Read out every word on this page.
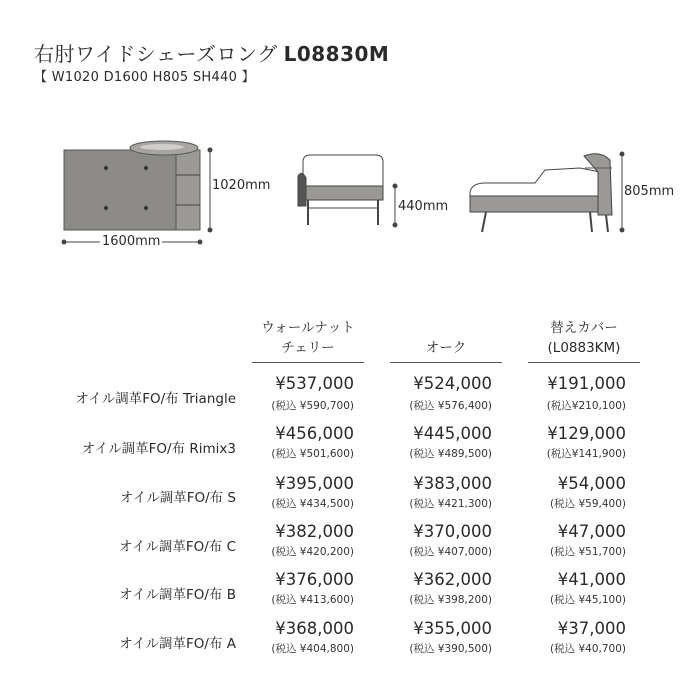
右肘ワイドシェーズロング L08830M
【 W1020 D1600 H805 SH440 】
1020mm
1600mm
440mm
805mm
ウォールナット
チェリー	オーク
替えカバー
(L0883KM)
オイル調革FO/布 Triangle
¥537,000
(税込 ¥590,700)
¥524,000
(税込 ¥576,400)
¥191,000
(税込¥210,100)
オイル調革FO/布 Rimix3
¥456,000
(税込 ¥501,600)
¥445,000
(税込 ¥489,500)
¥129,000
(税込¥141,900)
オイル調革FO/布 S
¥395,000
(税込 ¥434,500)
¥383,000
(税込 ¥421,300)
¥54,000
(税込 ¥59,400)
オイル調革FO/布 C
¥382,000
(税込 ¥420,200)
¥370,000
(税込 ¥407,000)
¥47,000
(税込 ¥51,700)
オイル調革FO/布 B
¥376,000
(税込 ¥413,600)
¥362,000
(税込 ¥398,200)
¥41,000
(税込 ¥45,100)
オイル調革FO/布 A
¥368,000
(税込 ¥404,800)
¥355,000
(税込 ¥390,500)
¥37,000
(税込 ¥40,700)
